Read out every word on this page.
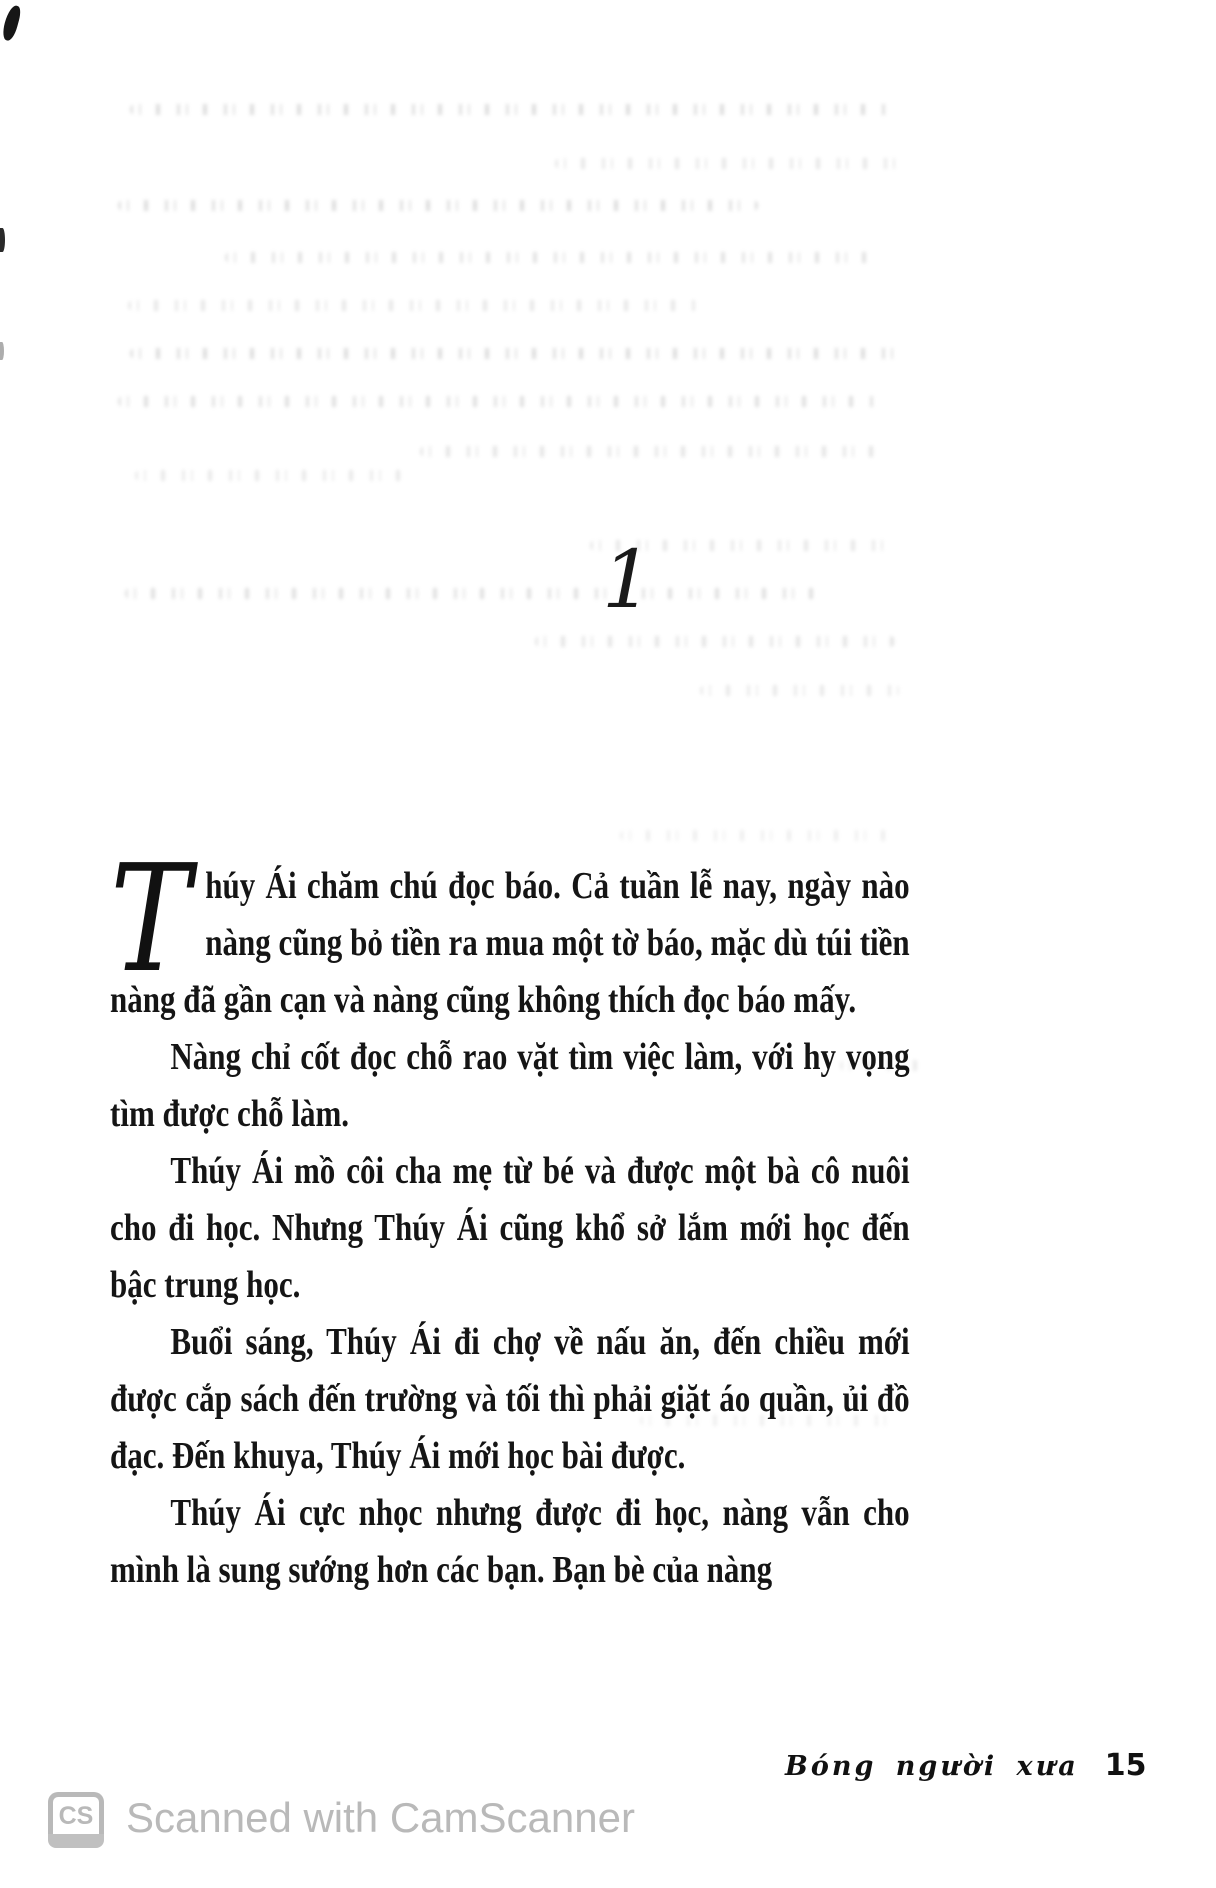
1

Thúy Ái chăm chú đọc báo. Cả tuần lễ nay, ngày nào nàng cũng bỏ tiền ra mua một tờ báo, mặc dù túi tiền nàng đã gần cạn và nàng cũng không thích đọc báo mấy.

Nàng chỉ cốt đọc chỗ rao vặt tìm việc làm, với hy vọng tìm được chỗ làm.

Thúy Ái mồ côi cha mẹ từ bé và được một bà cô nuôi cho đi học. Nhưng Thúy Ái cũng khổ sở lắm mới học đến bậc trung học.

Buổi sáng, Thúy Ái đi chợ về nấu ăn, đến chiều mới được cắp sách đến trường và tối thì phải giặt áo quần, ủi đồ đạc. Đến khuya, Thúy Ái mới học bài được.

Thúy Ái cực nhọc nhưng được đi học, nàng vẫn cho mình là sung sướng hơn các bạn. Bạn bè của nàng

Bóng người xưa 15
CS Scanned with CamScanner
